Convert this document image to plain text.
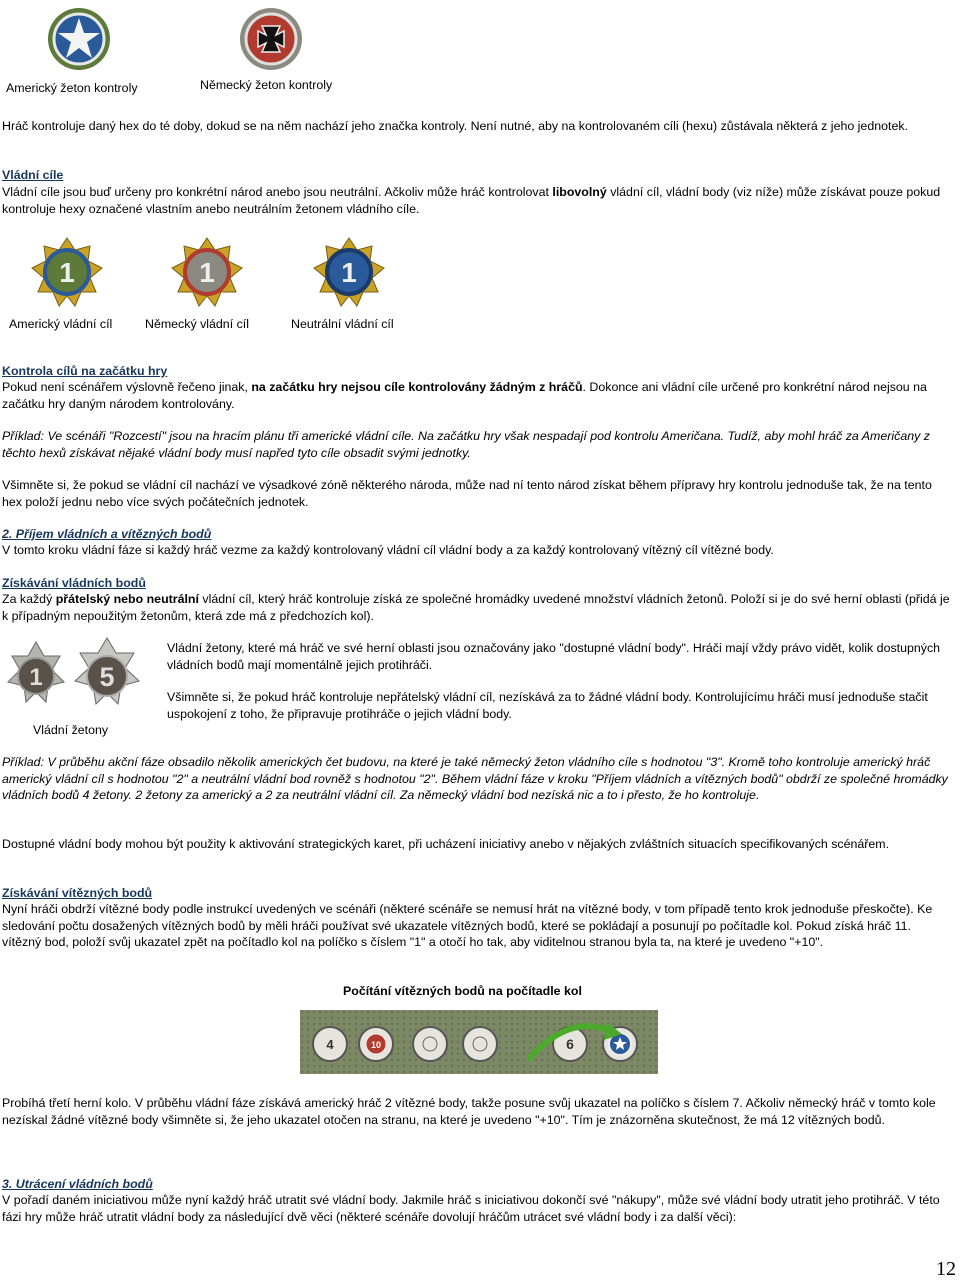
Americký žeton kontroly	Německý žeton kontroly

Hráč kontroluje daný hex do té doby, dokud se na něm nachází jeho značka kontroly. Není nutné, aby na kontrolovaném cíli (hexu) zůstávala některá z jeho jednotek.

Vládní cíle

Vládní cíle jsou buď určeny pro konkrétní národ anebo jsou neutrální. Ačkoliv může hráč kontrolovat libovolný vládní cíl, vládní body (viz níže) může získávat pouze pokud kontroluje hexy označené vlastním anebo neutrálním žetonem vládního cíle.

1	1	1
Americký vládní cíl	Německý vládní cíl	Neutrální vládní cíl
Kontrola cílů na začátku hry

Pokud není scénářem výslovně řečeno jinak, na začátku hry nejsou cíle kontrolovány žádným z hráčů. Dokonce ani vládní cíle určené pro konkrétní národ nejsou na začátku hry daným národem kontrolovány.

Příklad: Ve scénáři "Rozcestí" jsou na hracím plánu tři americké vládní cíle. Na začátku hry však nespadají pod kontrolu Američana. Tudíž, aby mohl hráč za Američany z těchto hexů získávat nějaké vládní body musí napřed tyto cíle obsadit svými jednotky.

Všimněte si, že pokud se vládní cíl nachází ve výsadkové zóně některého národa, může nad ní tento národ získat během přípravy hry kontrolu jednoduše tak, že na tento hex položí jednu nebo více svých počátečních jednotek.

2. Příjem vládních a vítězných bodů

V tomto kroku vládní fáze si každý hráč vezme za každý kontrolovaný vládní cíl vládní body a za každý kontrolovaný vítězný cíl vítězné body.

Získávání vládních bodů

Za každý přátelský nebo neutrální vládní cíl, který hráč kontroluje získá ze společné hromádky uvedené množství vládních žetonů. Položí si je do své herní oblasti (přidá je k případným nepoužitým žetonům, která zde má z předchozích kol).

1 5
Vládní žetony

Vládní žetony, které má hráč ve své herní oblasti jsou označovány jako "dostupné vládní body". Hráči mají vždy právo vidět, kolik dostupných vládních bodů mají momentálně jejich protihráči.

Všimněte si, že pokud hráč kontroluje nepřátelský vládní cíl, nezískává za to žádné vládní body. Kontrolujícímu hráči musí jednoduše stačit uspokojení z toho, že připravuje protihráče o jejich vládní body.

Příklad: V průběhu akční fáze obsadilo několik amerických čet budovu, na které je také německý žeton vládního cíle s hodnotou "3". Kromě toho kontroluje americký hráč americký vládní cíl s hodnotou "2" a neutrální vládní bod rovněž s hodnotou "2". Během vládní fáze v kroku "Příjem vládních a vítězných bodů" obdrží ze společné hromádky vládních bodů 4 žetony. 2 žetony za americký a 2 za neutrální vládní cíl. Za německý vládní bod nezíská nic a to i přesto, že ho kontroluje.

Dostupné vládní body mohou být použity k aktivování strategických karet, při ucházení iniciativy anebo v nějakých zvláštních situacích specifikovaných scénářem.

Získávání vítězných bodů

Nyní hráči obdrží vítězné body podle instrukcí uvedených ve scénáři (některé scénáře se nemusí hrát na vítězné body, v tom případě tento krok jednoduše přeskočte). Ke sledování počtu dosažených vítězných bodů by měli hráči používat své ukazatele vítězných bodů, které se pokládají a posunují po počítadle kol. Pokud získá hráč 11. vítězný bod, položí svůj ukazatel zpět na počítadlo kol na políčko s číslem "1" a otočí ho tak, aby viditelnou stranou byla ta, na které je uvedeno "+10".

Počítání vítězných bodů na počítadle kol
4	10	6

Probíhá třetí herní kolo. V průběhu vládní fáze získává americký hráč 2 vítězné body, takže posune svůj ukazatel na políčko s číslem 7. Ačkoliv německý hráč v tomto kole nezískal žádné vítězné body všimněte si, že jeho ukazatel otočen na stranu, na které je uvedeno "+10". Tím je znázorněna skutečnost, že má 12 vítězných bodů.

3. Utrácení vládních bodů

V pořadí daném iniciativou může nyní každý hráč utratit své vládní body. Jakmile hráč s iniciativou dokončí své "nákupy", může své vládní body utratit jeho protihráč. V této fázi hry může hráč utratit vládní body za následující dvě věci (některé scénáře dovolují hráčům utrácet své vládní body i za další věci):

12
